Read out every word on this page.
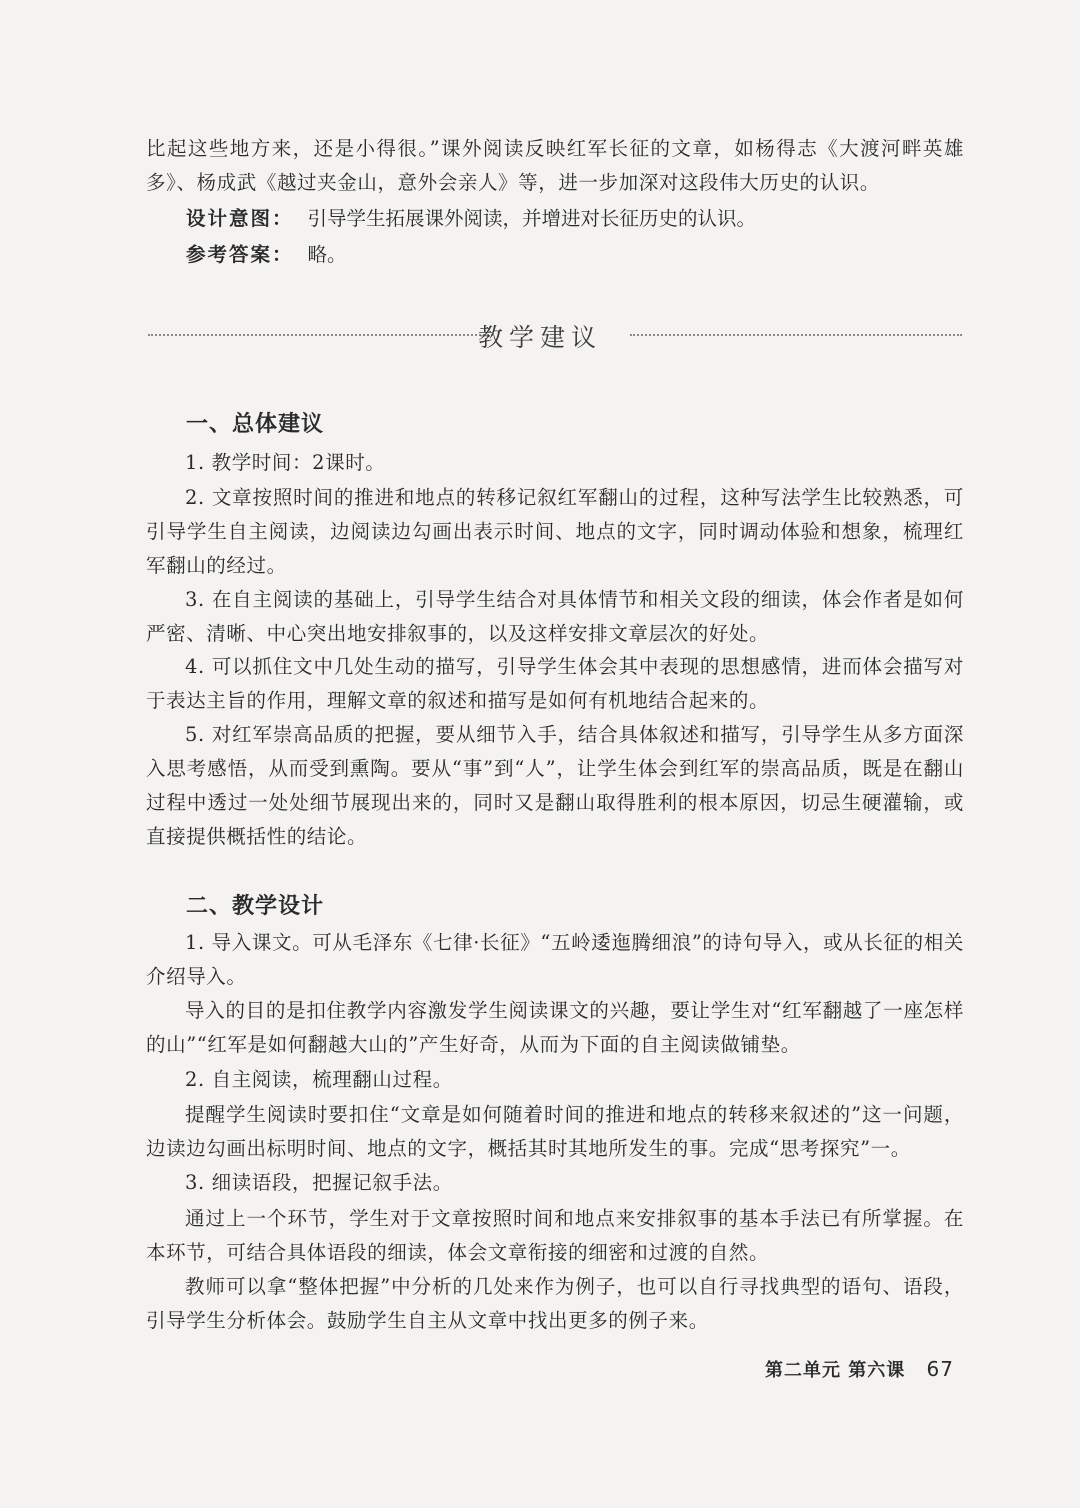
比起这些地方来，还是小得很。”课外阅读反映红军长征的文章，如杨得志《大渡河畔英雄多》、杨成武《越过夹金山，意外会亲人》等，进一步加深对这段伟大历史的认识。
设计意图： 引导学生拓展课外阅读，并增进对长征历史的认识。
参考答案： 略。
教学建议
一、总体建议
1. 教学时间：2课时。
2. 文章按照时间的推进和地点的转移记叙红军翻山的过程，这种写法学生比较熟悉，可引导学生自主阅读，边阅读边勾画出表示时间、地点的文字，同时调动体验和想象，梳理红军翻山的经过。
3. 在自主阅读的基础上，引导学生结合对具体情节和相关文段的细读，体会作者是如何严密、清晰、中心突出地安排叙事的，以及这样安排文章层次的好处。
4. 可以抓住文中几处生动的描写，引导学生体会其中表现的思想感情，进而体会描写对于表达主旨的作用，理解文章的叙述和描写是如何有机地结合起来的。
5. 对红军崇高品质的把握，要从细节入手，结合具体叙述和描写，引导学生从多方面深入思考感悟，从而受到熏陶。要从“事”到“人”，让学生体会到红军的崇高品质，既是在翻山过程中透过一处处细节展现出来的，同时又是翻山取得胜利的根本原因，切忌生硬灌输，或直接提供概括性的结论。
二、教学设计
1. 导入课文。可从毛泽东《七律·长征》“五岭逶迤腾细浪”的诗句导入，或从长征的相关介绍导入。
导入的目的是扣住教学内容激发学生阅读课文的兴趣，要让学生对“红军翻越了一座怎样的山”“红军是如何翻越大山的”产生好奇，从而为下面的自主阅读做铺垫。
2. 自主阅读，梳理翻山过程。
提醒学生阅读时要扣住“文章是如何随着时间的推进和地点的转移来叙述的”这一问题，边读边勾画出标明时间、地点的文字，概括其时其地所发生的事。完成“思考探究”一。
3. 细读语段，把握记叙手法。
通过上一个环节，学生对于文章按照时间和地点来安排叙事的基本手法已有所掌握。在本环节，可结合具体语段的细读，体会文章衔接的细密和过渡的自然。
教师可以拿“整体把握”中分析的几处来作为例子，也可以自行寻找典型的语句、语段，引导学生分析体会。鼓励学生自主从文章中找出更多的例子来。
第二单元 第六课 67
